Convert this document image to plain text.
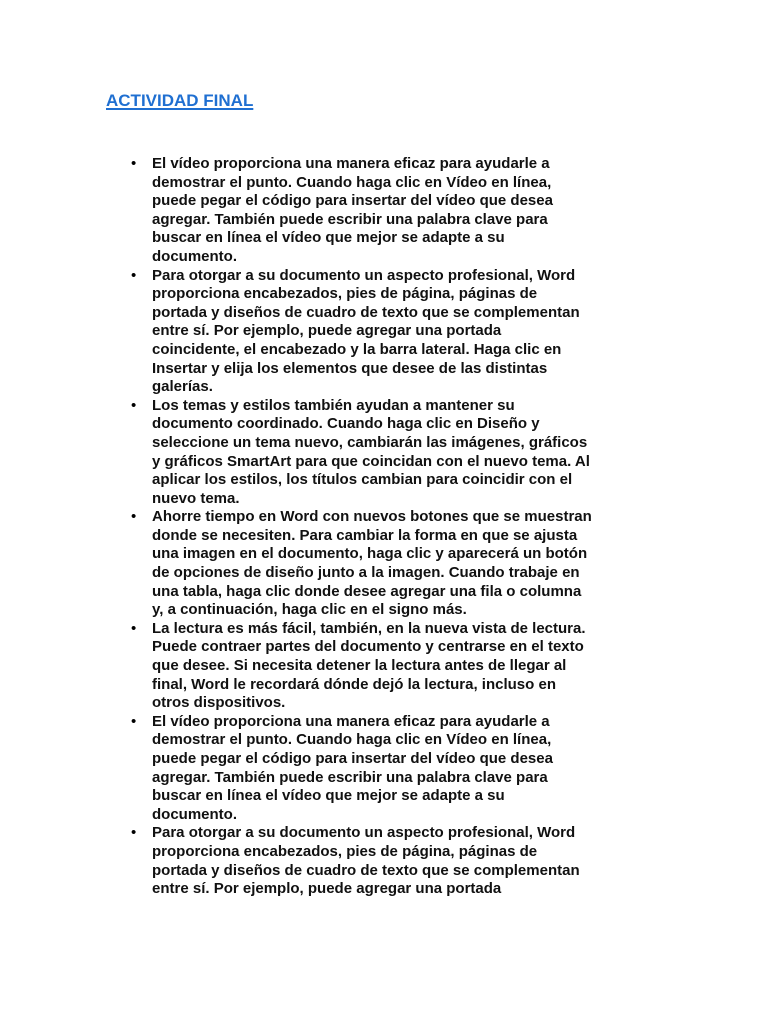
ACTIVIDAD FINAL
• El vídeo proporciona una manera eficaz para ayudarle a
demostrar el punto. Cuando haga clic en Vídeo en línea,
puede pegar el código para insertar del vídeo que desea
agregar. También puede escribir una palabra clave para
buscar en línea el vídeo que mejor se adapte a su
documento.
• Para otorgar a su documento un aspecto profesional, Word
proporciona encabezados, pies de página, páginas de
portada y diseños de cuadro de texto que se complementan
entre sí. Por ejemplo, puede agregar una portada
coincidente, el encabezado y la barra lateral. Haga clic en
Insertar y elija los elementos que desee de las distintas
galerías.
• Los temas y estilos también ayudan a mantener su
documento coordinado. Cuando haga clic en Diseño y
seleccione un tema nuevo, cambiarán las imágenes, gráficos
y gráficos SmartArt para que coincidan con el nuevo tema. Al
aplicar los estilos, los títulos cambian para coincidir con el
nuevo tema.
• Ahorre tiempo en Word con nuevos botones que se muestran
donde se necesiten. Para cambiar la forma en que se ajusta
una imagen en el documento, haga clic y aparecerá un botón
de opciones de diseño junto a la imagen. Cuando trabaje en
una tabla, haga clic donde desee agregar una fila o columna
y, a continuación, haga clic en el signo más.
• La lectura es más fácil, también, en la nueva vista de lectura.
Puede contraer partes del documento y centrarse en el texto
que desee. Si necesita detener la lectura antes de llegar al
final, Word le recordará dónde dejó la lectura, incluso en
otros dispositivos.
• El vídeo proporciona una manera eficaz para ayudarle a
demostrar el punto. Cuando haga clic en Vídeo en línea,
puede pegar el código para insertar del vídeo que desea
agregar. También puede escribir una palabra clave para
buscar en línea el vídeo que mejor se adapte a su
documento.
• Para otorgar a su documento un aspecto profesional, Word
proporciona encabezados, pies de página, páginas de
portada y diseños de cuadro de texto que se complementan
entre sí. Por ejemplo, puede agregar una portada
